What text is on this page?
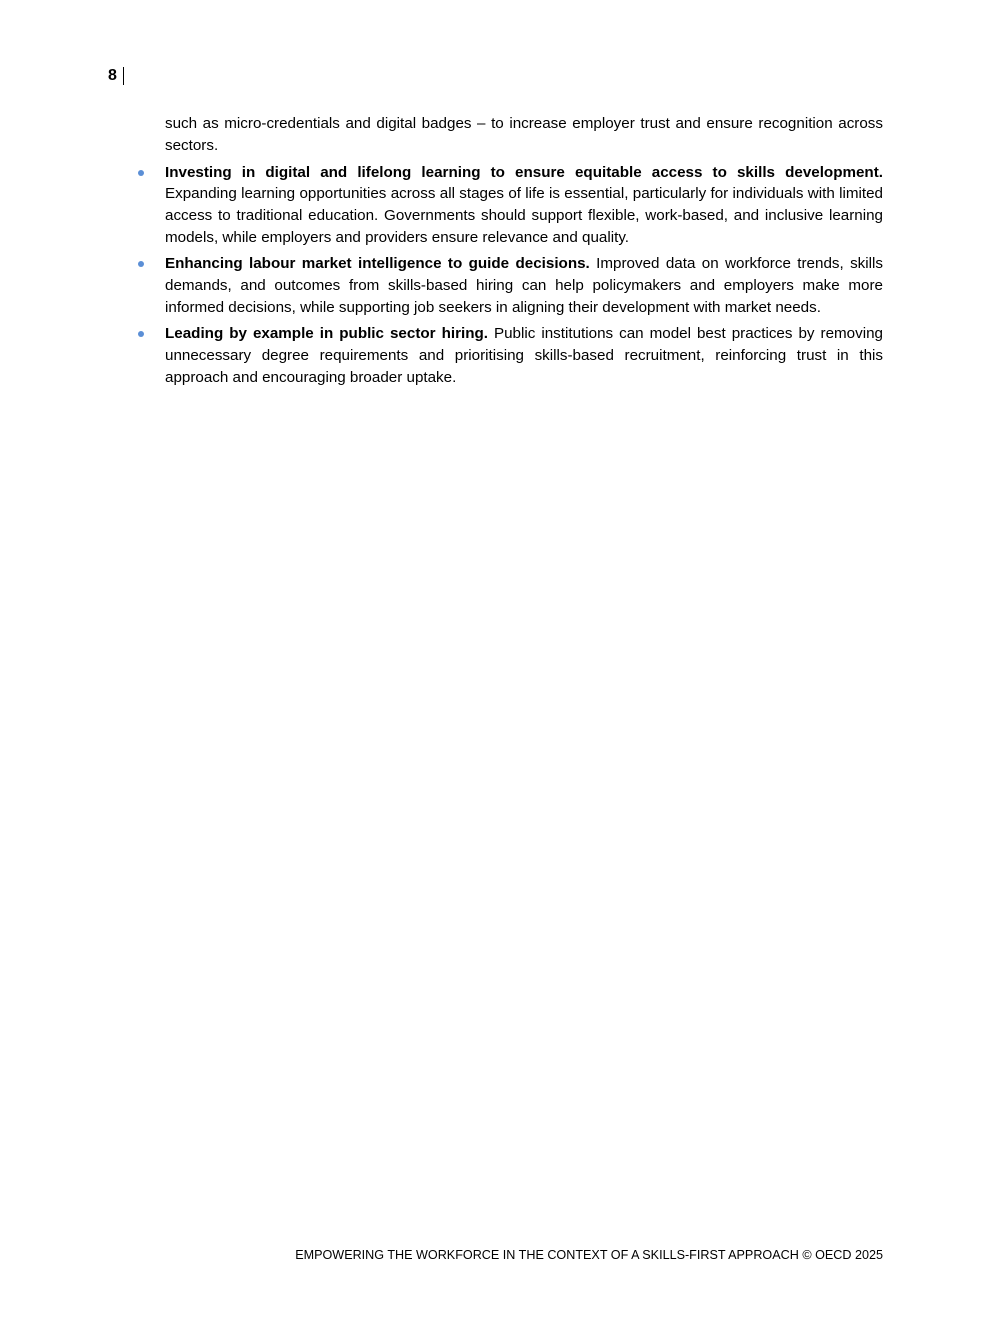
8

such as micro-credentials and digital badges – to increase employer trust and ensure recognition across sectors.

Investing in digital and lifelong learning to ensure equitable access to skills development. Expanding learning opportunities across all stages of life is essential, particularly for individuals with limited access to traditional education. Governments should support flexible, work-based, and inclusive learning models, while employers and providers ensure relevance and quality.
Enhancing labour market intelligence to guide decisions. Improved data on workforce trends, skills demands, and outcomes from skills-based hiring can help policymakers and employers make more informed decisions, while supporting job seekers in aligning their development with market needs.
Leading by example in public sector hiring. Public institutions can model best practices by removing unnecessary degree requirements and prioritising skills-based recruitment, reinforcing trust in this approach and encouraging broader uptake.
EMPOWERING THE WORKFORCE IN THE CONTEXT OF A SKILLS-FIRST APPROACH © OECD 2025
